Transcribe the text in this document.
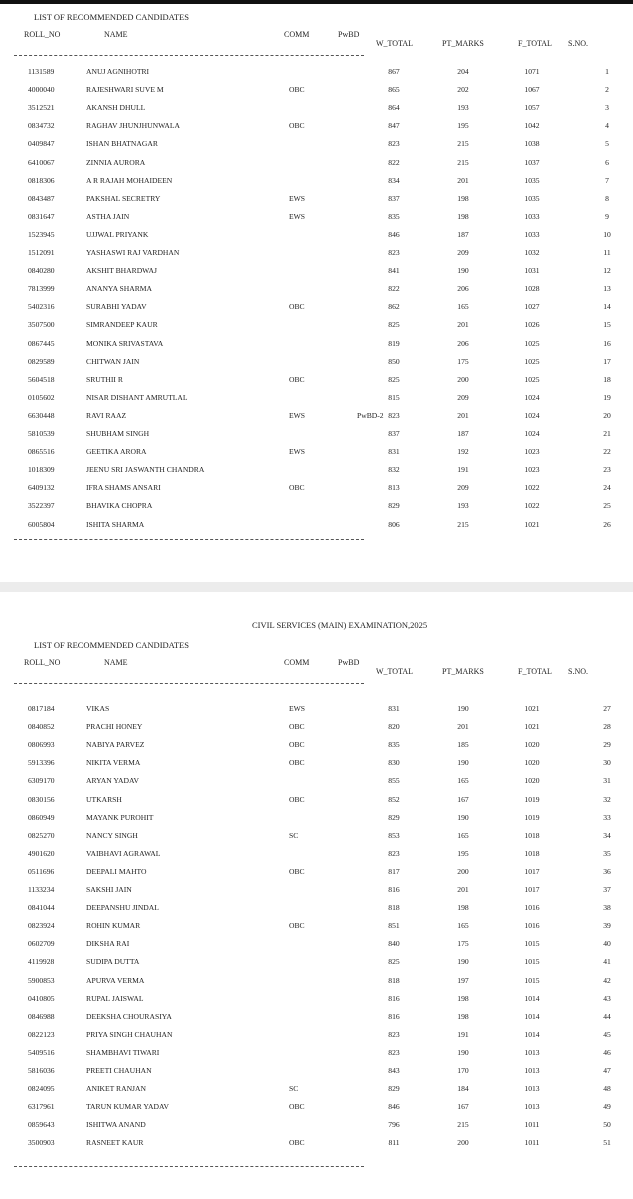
LIST OF RECOMMENDED CANDIDATES
ROLL_NO	NAME	COMM	PwBD
W_TOTAL	PT_MARKS	F_TOTAL S.NO.
1131589	ANUJ AGNIHOTRI	867	204	1071	1
4000040	RAJESHWARI SUVE M	OBC	865	202	1067	2
3512521	AKANSH DHULL	864	193	1057	3
0834732	RAGHAV JHUNJHUNWALA	OBC	847	195	1042	4
0409847	ISHAN BHATNAGAR	823	215	1038	5
6410067	ZINNIA AURORA	822	215	1037	6
0818306	A R RAJAH MOHAIDEEN	834	201	1035	7
0843487	PAKSHAL SECRETRY	EWS	837	198	1035	8
0831647	ASTHA JAIN	EWS	835	198	1033	9
1523945	UJJWAL PRIYANK	846	187	1033	10
1512091	YASHASWI RAJ VARDHAN	823	209	1032	11
0840280	AKSHIT BHARDWAJ	841	190	1031	12
7813999	ANANYA SHARMA	822	206	1028	13
5402316	SURABHI YADAV	OBC	862	165	1027	14
3507500	SIMRANDEEP KAUR	825	201	1026	15
0867445	MONIKA SRIVASTAVA	819	206	1025	16
0829589	CHITWAN JAIN	850	175	1025	17
5604518	SRUTHII R	OBC	825	200	1025	18
0105602	NISAR DISHANT AMRUTLAL	815	209	1024	19
6630448	RAVI RAAZ	EWS	PwBD-2 823	201	1024	20
5810539	SHUBHAM SINGH	837	187	1024	21
0865516	GEETIKA ARORA	EWS	831	192	1023	22
1018309	JEENU SRI JASWANTH CHANDRA	832	191	1023	23
6409132	IFRA SHAMS ANSARI	OBC	813	209	1022	24
3522397	BHAVIKA CHOPRA	829	193	1022	25
6005804	ISHITA SHARMA	806	215	1021	26
CIVIL SERVICES (MAIN) EXAMINATION,2025
LIST OF RECOMMENDED CANDIDATES
ROLL_NO	NAME	COMM	PwBD
W_TOTAL	PT_MARKS	F_TOTAL S.NO.
0817184	VIKAS	EWS	831	190	1021	27
0840852	PRACHI HONEY	OBC	820	201	1021	28
0806993	NABIYA PARVEZ	OBC	835	185	1020	29
5913396	NIKITA VERMA	OBC	830	190	1020	30
6309170	ARYAN YADAV	855	165	1020	31
0830156	UTKARSH	OBC	852	167	1019	32
0860949	MAYANK PUROHIT	829	190	1019	33
0825270	NANCY SINGH	SC	853	165	1018	34
4901620	VAIBHAVI AGRAWAL	823	195	1018	35
0511696	DEEPALI MAHTO	OBC	817	200	1017	36
1133234	SAKSHI JAIN	816	201	1017	37
0841044	DEEPANSHU JINDAL	818	198	1016	38
0823924	ROHIN KUMAR	OBC	851	165	1016	39
0602709	DIKSHA RAI	840	175	1015	40
4119928	SUDIPA DUTTA	825	190	1015	41
5900853	APURVA VERMA	818	197	1015	42
0410805	RUPAL JAISWAL	816	198	1014	43
0846988	DEEKSHA CHOURASIYA	816	198	1014	44
0822123	PRIYA SINGH CHAUHAN	823	191	1014	45
5409516	SHAMBHAVI TIWARI	823	190	1013	46
5816036	PREETI CHAUHAN	843	170	1013	47
0824095	ANIKET RANJAN	SC	829	184	1013	48
6317961	TARUN KUMAR YADAV	OBC	846	167	1013	49
0859643	ISHITWA ANAND	796	215	1011	50
3500903	RASNEET KAUR	OBC	811	200	1011	51
